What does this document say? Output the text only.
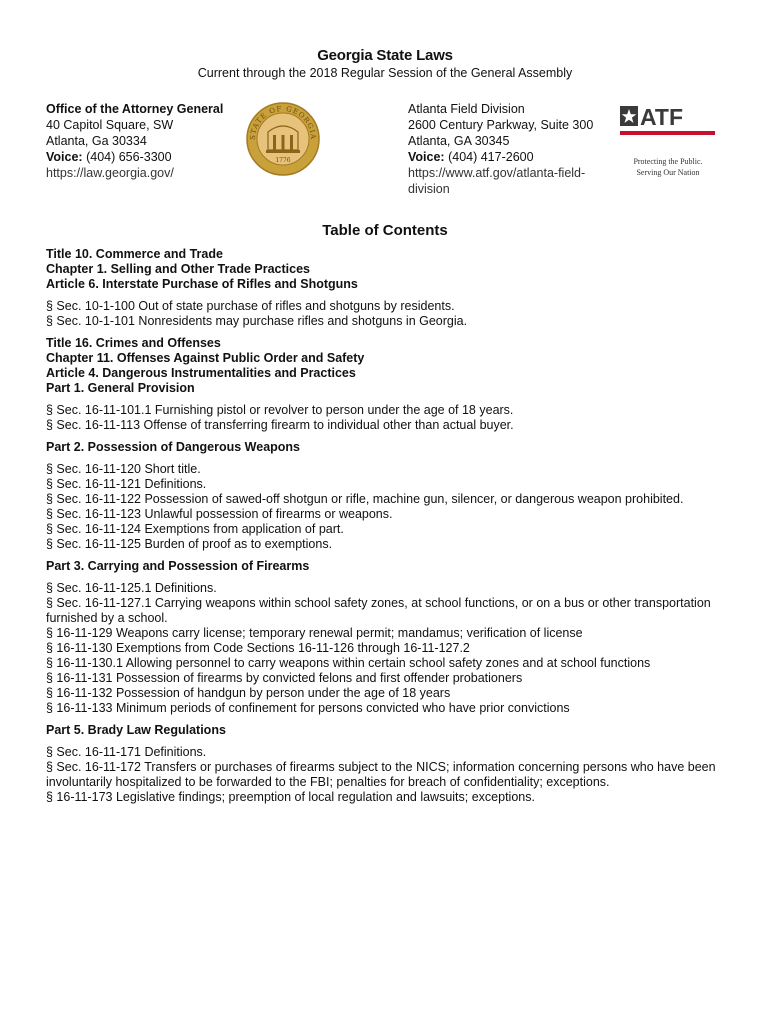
Georgia State Laws
Current through the 2018 Regular Session of the General Assembly
Office of the Attorney General
40 Capitol Square, SW
Atlanta, Ga 30334
Voice: (404) 656-3300
https://law.georgia.gov/
STATE OF GEORGIA
1776
Atlanta Field Division
2600 Century Parkway, Suite 300
Atlanta, GA 30345
Voice: (404) 417-2600
https://www.atf.gov/atlanta-field-
division
ATF
Protecting the Public.
Serving Our Nation
Table of Contents
Title 10. Commerce and Trade
Chapter 1. Selling and Other Trade Practices
Article 6. Interstate Purchase of Rifles and Shotguns
§ Sec. 10-1-100 Out of state purchase of rifles and shotguns by residents.
§ Sec. 10-1-101 Nonresidents may purchase rifles and shotguns in Georgia.
Title 16. Crimes and Offenses
Chapter 11. Offenses Against Public Order and Safety
Article 4. Dangerous Instrumentalities and Practices
Part 1. General Provision
§ Sec. 16-11-101.1 Furnishing pistol or revolver to person under the age of 18 years.
§ Sec. 16-11-113 Offense of transferring firearm to individual other than actual buyer.
Part 2. Possession of Dangerous Weapons
§ Sec. 16-11-120 Short title.
§ Sec. 16-11-121 Definitions.
§ Sec. 16-11-122 Possession of sawed-off shotgun or rifle, machine gun, silencer, or dangerous weapon prohibited.
§ Sec. 16-11-123 Unlawful possession of firearms or weapons.
§ Sec. 16-11-124 Exemptions from application of part.
§ Sec. 16-11-125 Burden of proof as to exemptions.
Part 3. Carrying and Possession of Firearms
§ Sec. 16-11-125.1 Definitions.
§ Sec. 16-11-127.1 Carrying weapons within school safety zones, at school functions, or on a bus or other transportation furnished by a school.
§ 16-11-129 Weapons carry license; temporary renewal permit; mandamus; verification of license
§ 16-11-130 Exemptions from Code Sections 16-11-126 through 16-11-127.2
§ 16-11-130.1 Allowing personnel to carry weapons within certain school safety zones and at school functions
§ 16-11-131 Possession of firearms by convicted felons and first offender probationers
§ 16-11-132 Possession of handgun by person under the age of 18 years
§ 16-11-133 Minimum periods of confinement for persons convicted who have prior convictions
Part 5. Brady Law Regulations
§ Sec. 16-11-171 Definitions.
§ Sec. 16-11-172 Transfers or purchases of firearms subject to the NICS; information concerning persons who have been involuntarily hospitalized to be forwarded to the FBI; penalties for breach of confidentiality; exceptions.
§ 16-11-173 Legislative findings; preemption of local regulation and lawsuits; exceptions.
